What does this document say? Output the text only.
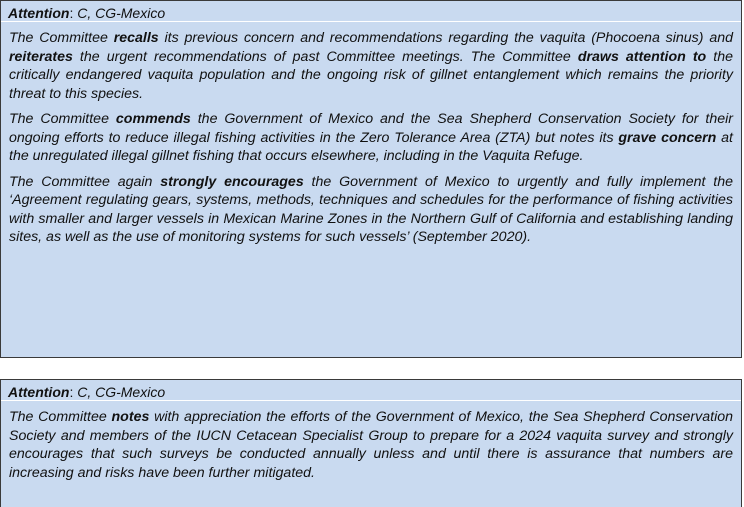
Attention: C, CG-Mexico

The Committee recalls its previous concern and recommendations regarding the vaquita (Phocoena sinus) and reiterates the urgent recommendations of past Committee meetings. The Committee draws attention to the critically endangered vaquita population and the ongoing risk of gillnet entanglement which remains the priority threat to this species.

The Committee commends the Government of Mexico and the Sea Shepherd Conservation Society for their ongoing efforts to reduce illegal fishing activities in the Zero Tolerance Area (ZTA) but notes its grave concern at the unregulated illegal gillnet fishing that occurs elsewhere, including in the Vaquita Refuge.

The Committee again strongly encourages the Government of Mexico to urgently and fully implement the ‘Agreement regulating gears, systems, methods, techniques and schedules for the performance of fishing activities with smaller and larger vessels in Mexican Marine Zones in the Northern Gulf of California and establishing landing sites, as well as the use of monitoring systems for such vessels’ (September 2020).

Attention: C, CG-Mexico

The Committee notes with appreciation the efforts of the Government of Mexico, the Sea Shepherd Conservation Society and members of the IUCN Cetacean Specialist Group to prepare for a 2024 vaquita survey and strongly encourages that such surveys be conducted annually unless and until there is assurance that numbers are increasing and risks have been further mitigated.
